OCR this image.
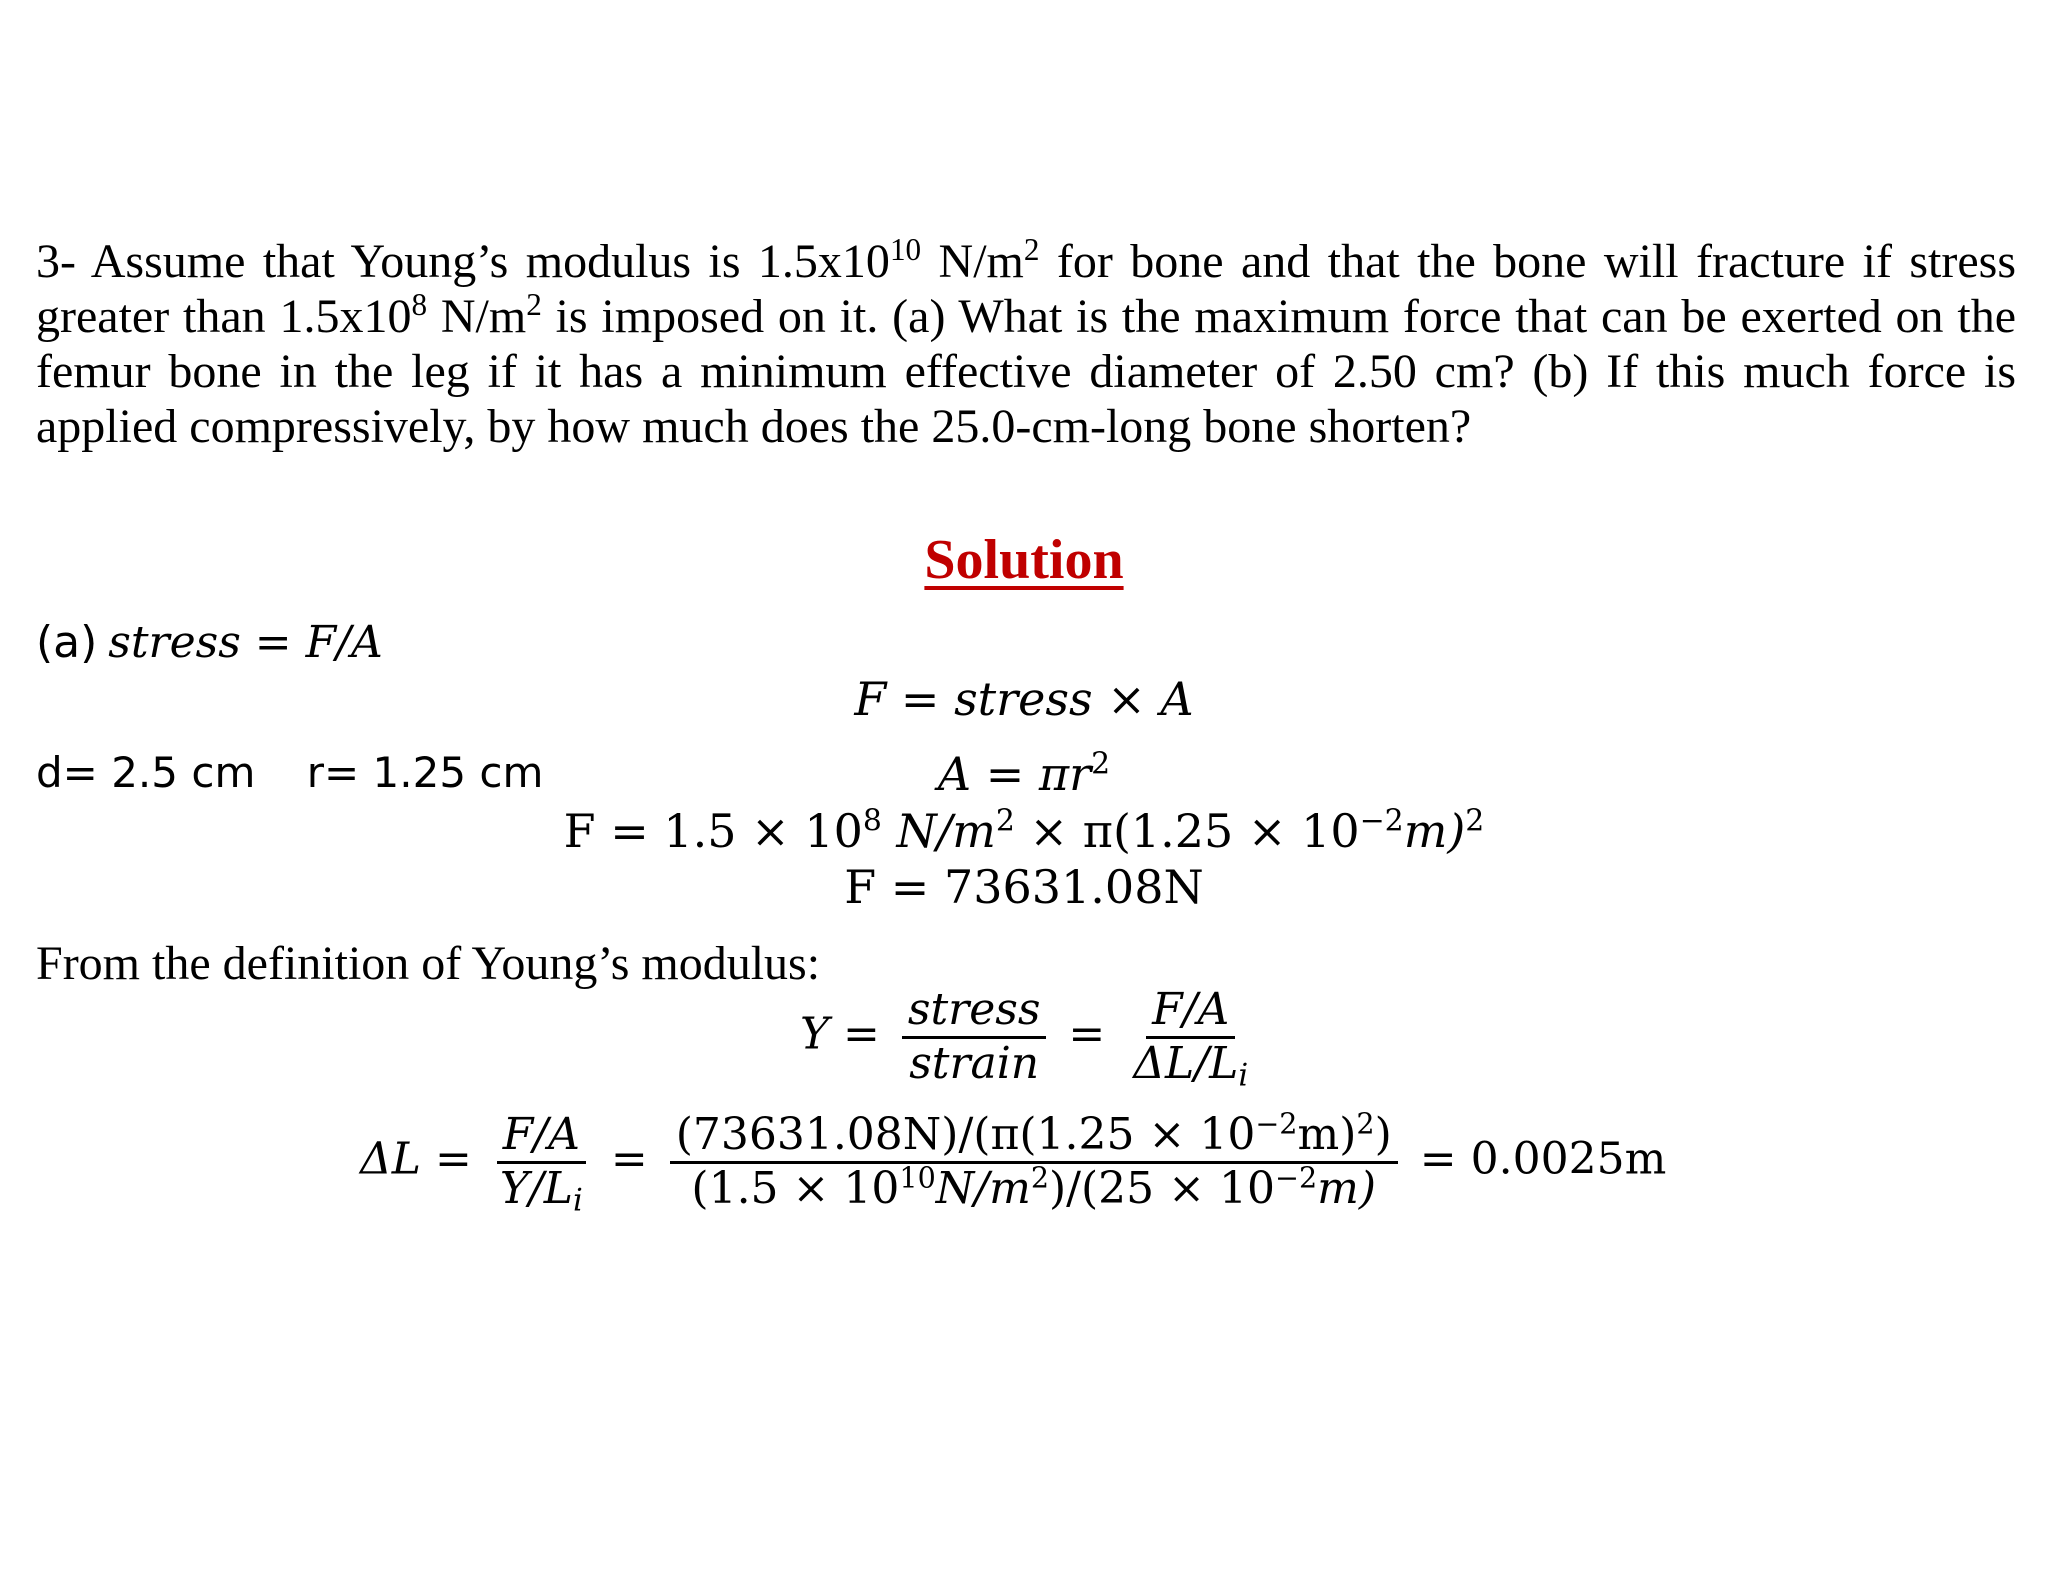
3- Assume that Young’s modulus is $1.5x10^{10}$ $N/m^2$ for bone and that the bone will fracture if stress greater than $1.5x10^8$ $N/m^2$ is imposed on it. (a) What is the maximum force that can be exerted on the femur bone in the leg if it has a minimum effective diameter of 2.50 cm? (b) If this much force is applied compressively, by how much does the 25.0-cm-long bone shorten?

Solution
(a) stress = F/A
F = stress × A
d= 2.5 cm r= 1.25 cm	$A = \pi r^2$
$F = 1.5 \times 10^8$ $N/m^2 \times \pi(1.25 \times 10^{-2}m)^2$
F = 73631.08N
From the definition of Young’s modulus:
$Y = \frac{\text{stress}}{\text{strain}} = \frac{F/A}{\Delta L/L_i}$
$\Delta L = \frac{F/A}{Y/L_i} = \frac{(73631.08N)/(\pi(1.25 \times 10^{-2}m)^2)}{(1.5 \times 10^{10}N/m^2)/(25 \times 10^{-2}m)} = 0.0025m$
